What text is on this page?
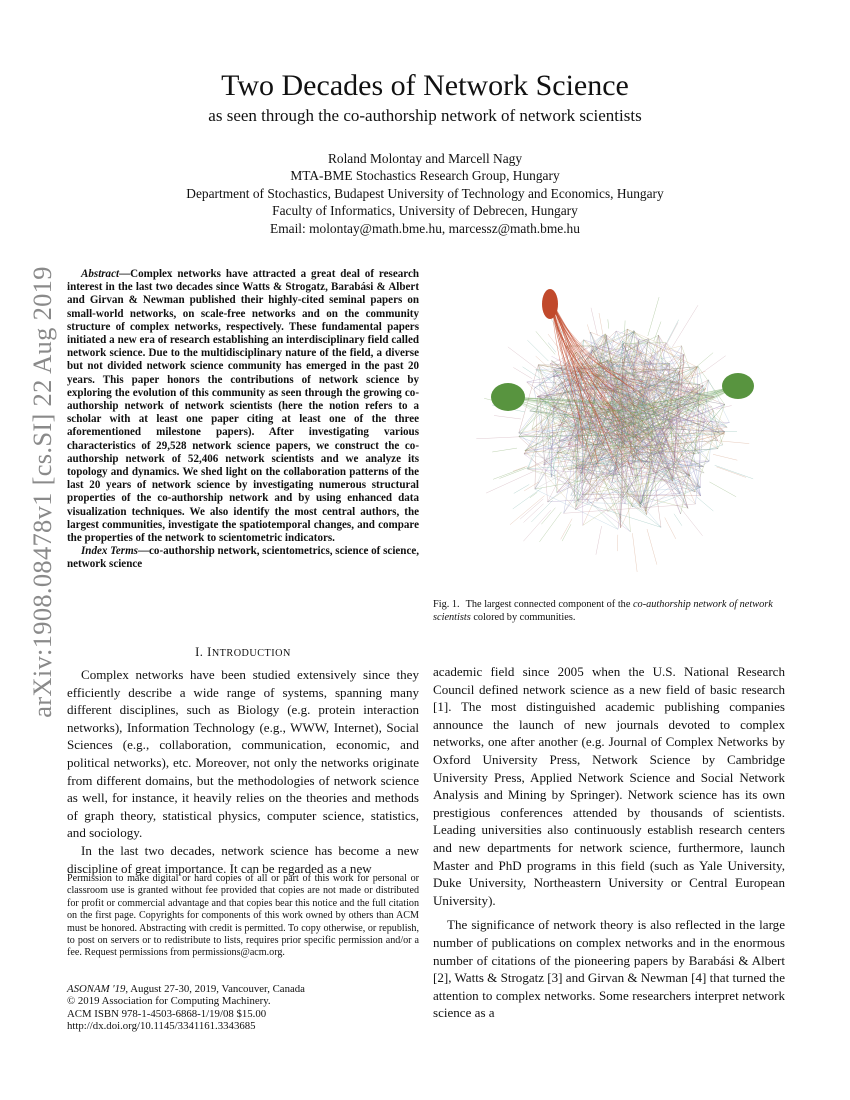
arXiv:1908.08478v1 [cs.SI] 22 Aug 2019
Two Decades of Network Science
as seen through the co-authorship network of network scientists
Roland Molontay and Marcell Nagy
MTA-BME Stochastics Research Group, Hungary
Department of Stochastics, Budapest University of Technology and Economics, Hungary
Faculty of Informatics, University of Debrecen, Hungary
Email: molontay@math.bme.hu, marcessz@math.bme.hu

Abstract—Complex networks have attracted a great deal of research interest in the last two decades since Watts & Strogatz, Barabási & Albert and Girvan & Newman published their highly-cited seminal papers on small-world networks, on scale-free networks and on the community structure of complex networks, respectively. These fundamental papers initiated a new era of research establishing an interdisciplinary field called network science. Due to the multidisciplinary nature of the field, a diverse but not divided network science community has emerged in the past 20 years. This paper honors the contributions of network science by exploring the evolution of this community as seen through the growing co-authorship network of network scientists (here the notion refers to a scholar with at least one paper citing at least one of the three aforementioned milestone papers). After investigating various characteristics of 29,528 network science papers, we construct the co-authorship network of 52,406 network scientists and we analyze its topology and dynamics. We shed light on the collaboration patterns of the last 20 years of network science by investigating numerous structural properties of the co-authorship network and by using enhanced data visualization techniques. We also identify the most central authors, the largest communities, investigate the spatiotemporal changes, and compare the properties of the network to scientometric indicators.

Index Terms—co-authorship network, scientometrics, science of science, network science

Fig. 1. The largest connected component of the co-authorship network of network scientists colored by communities.
I. INTRODUCTION

Complex networks have been studied extensively since they efficiently describe a wide range of systems, spanning many different disciplines, such as Biology (e.g. protein interaction networks), Information Technology (e.g., WWW, Internet), Social Sciences (e.g., collaboration, communication, economic, and political networks), etc. Moreover, not only the networks originate from different domains, but the methodologies of network science as well, for instance, it heavily relies on the theories and methods of graph theory, statistical physics, computer science, statistics, and sociology.

In the last two decades, network science has become a new discipline of great importance. It can be regarded as a new

Permission to make digital or hard copies of all or part of this work for personal or classroom use is granted without fee provided that copies are not made or distributed for profit or commercial advantage and that copies bear this notice and the full citation on the first page. Copyrights for components of this work owned by others than ACM must be honored. Abstracting with credit is permitted. To copy otherwise, or republish, to post on servers or to redistribute to lists, requires prior specific permission and/or a fee. Request permissions from permissions@acm.org.
ASONAM '19, August 27-30, 2019, Vancouver, Canada
© 2019 Association for Computing Machinery.
ACM ISBN 978-1-4503-6868-1/19/08 $15.00
http://dx.doi.org/10.1145/3341161.3343685

academic field since 2005 when the U.S. National Research Council defined network science as a new field of basic research [1]. The most distinguished academic publishing companies announce the launch of new journals devoted to complex networks, one after another (e.g. Journal of Complex Networks by Oxford University Press, Network Science by Cambridge University Press, Applied Network Science and Social Network Analysis and Mining by Springer). Network science has its own prestigious conferences attended by thousands of scientists. Leading universities also continuously establish research centers and new departments for network science, furthermore, launch Master and PhD programs in this field (such as Yale University, Duke University, Northeastern University or Central European University).

The significance of network theory is also reflected in the large number of publications on complex networks and in the enormous number of citations of the pioneering papers by Barabási & Albert [2], Watts & Strogatz [3] and Girvan & Newman [4] that turned the attention to complex networks. Some researchers interpret network science as a
